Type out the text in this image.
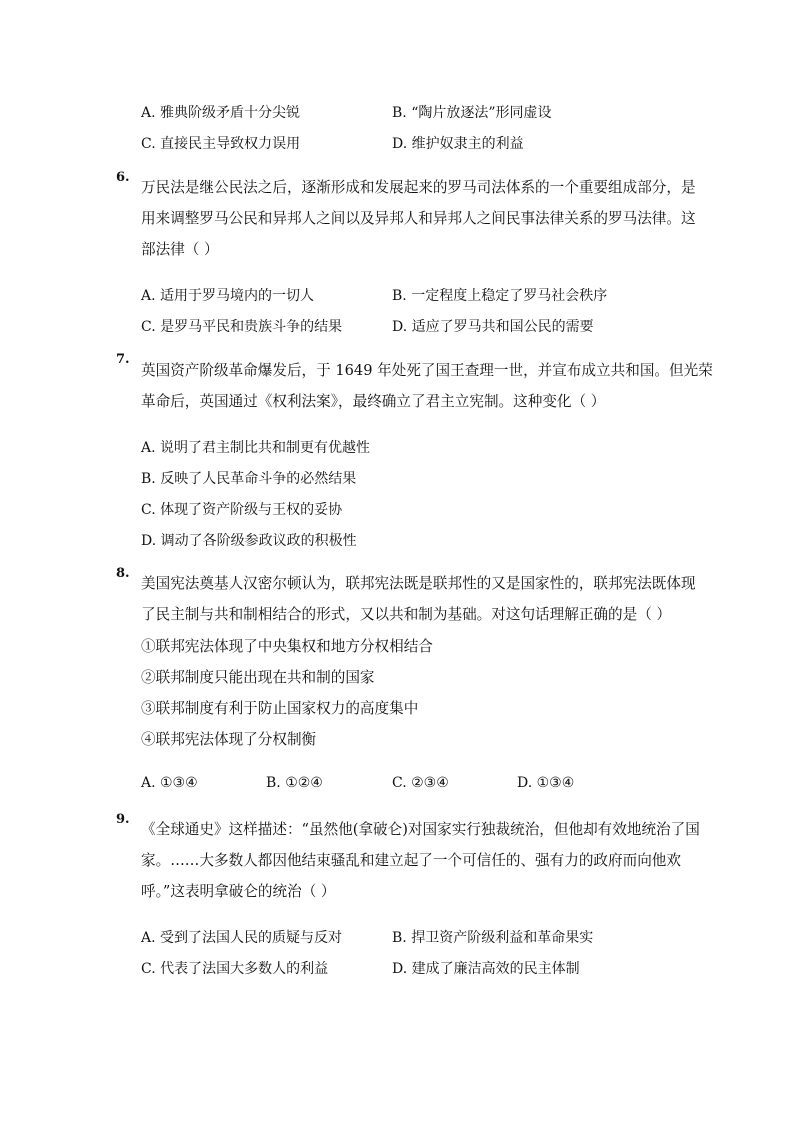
A. 雅典阶级矛盾十分尖锐	B. “陶片放逐法”形同虚设
C. 直接民主导致权力误用	D. 维护奴隶主的利益
6.
万民法是继公民法之后，逐渐形成和发展起来的罗马司法体系的一个重要组成部分，是
用来调整罗马公民和异邦人之间以及异邦人和异邦人之间民事法律关系的罗马法律。这
部法律（ ）
A. 适用于罗马境内的一切人	B. 一定程度上稳定了罗马社会秩序
C. 是罗马平民和贵族斗争的结果	D. 适应了罗马共和国公民的需要
7.
英国资产阶级革命爆发后，于 1649 年处死了国王查理一世，并宣布成立共和国。但光荣
革命后，英国通过《权利法案》，最终确立了君主立宪制。这种变化（ ）
A. 说明了君主制比共和制更有优越性
B. 反映了人民革命斗争的必然结果
C. 体现了资产阶级与王权的妥协
D. 调动了各阶级参政议政的积极性
8.
美国宪法奠基人汉密尔顿认为，联邦宪法既是联邦性的又是国家性的，联邦宪法既体现
了民主制与共和制相结合的形式，又以共和制为基础。对这句话理解正确的是（ ）
①联邦宪法体现了中央集权和地方分权相结合
②联邦制度只能出现在共和制的国家
③联邦制度有利于防止国家权力的高度集中
④联邦宪法体现了分权制衡
A. ①③④	B. ①②④	C. ②③④	D. ①③④
9.
《全球通史》这样描述：“虽然他(拿破仑)对国家实行独裁统治，但他却有效地统治了国
家。……大多数人都因他结束骚乱和建立起了一个可信任的、强有力的政府而向他欢
呼。”这表明拿破仑的统治（ ）
A. 受到了法国人民的质疑与反对	B. 捍卫资产阶级利益和革命果实
C. 代表了法国大多数人的利益	D. 建成了廉洁高效的民主体制
